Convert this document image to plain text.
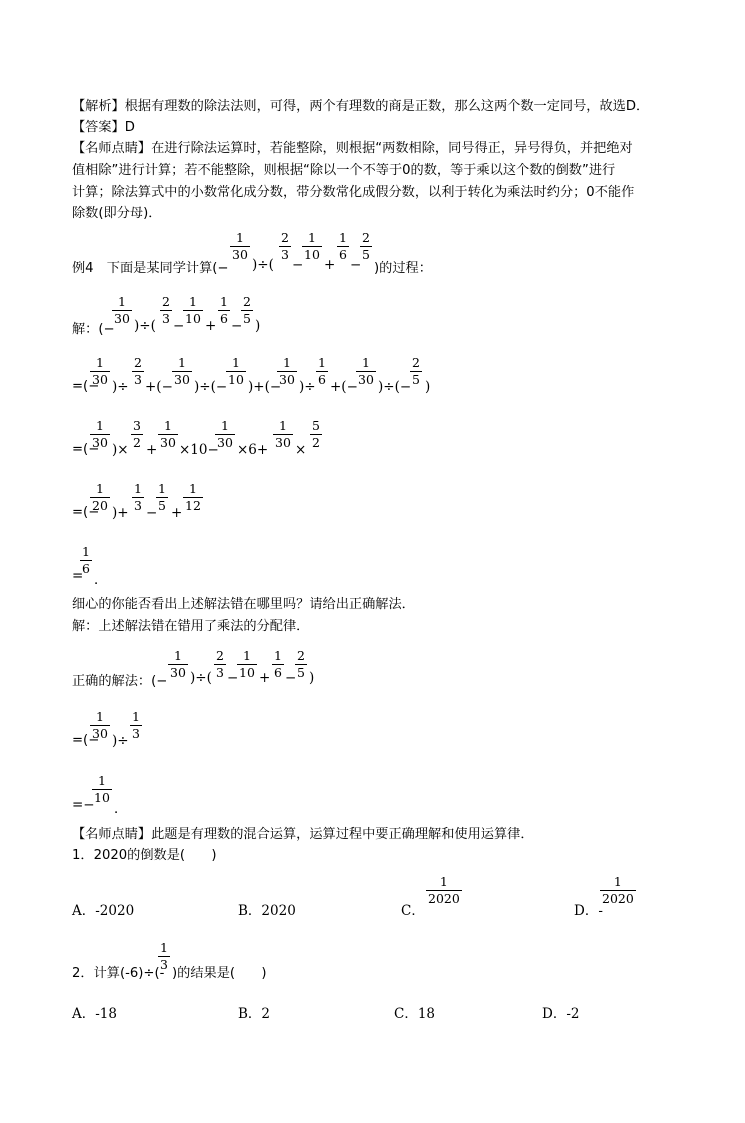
【解析】根据有理数的除法法则，可得，两个有理数的商是正数，那么这两个数一定同号，故选D．

【答案】D

【名师点睛】在进行除法运算时，若能整除，则根据“两数相除，同号得正，异号得负，并把绝对

值相除”进行计算；若不能整除，则根据“除以一个不等于0的数，等于乘以这个数的倒数”进行

计算；除法算式中的小数常化成分数，带分数常化成假分数，以利于转化为乘法时约分；0不能作

除数(即分母)．

例4　下面是某同学计算(−
1
30
)÷(
2
3
−
1
10
+
1
6
−
2
5
)的过程：
解：(−
1
30 )÷(
2
3 −
1
10 +
1
6 −
2
5 )
=(−
1
30 )÷
2
3 +(−
1
30 )÷(−
1
10 )+(−
1
30 )÷
1
6 +(−
1
30 )÷(−
2
5 )
=(−
1
30 )×
3
2 +
1
30 ×10−
1
30 ×6+
1
30 ×
5
2
=(−
1
20 )+
1
3 −
1
5 +
1
12
=
1
6
．

细心的你能否看出上述解法错在哪里吗？请给出正确解法．

解：上述解法错在错用了乘法的分配律．

正确的解法：(−
1
30 )÷(
2
3 −
1
10 +
1
6 −
2
5 )
=(−
1
30 )÷
1
3
=−
1
10
．

【名师点睛】此题是有理数的混合运算，运算过程中要正确理解和使用运算律．

1．2020的倒数是(　　)

A．-2020	B．2020	C．
1
2020
D．-
1
2020
2．计算(-6)÷(-
1
3
)的结果是(　　)
A．-18	B．2	C．18	D．-2
